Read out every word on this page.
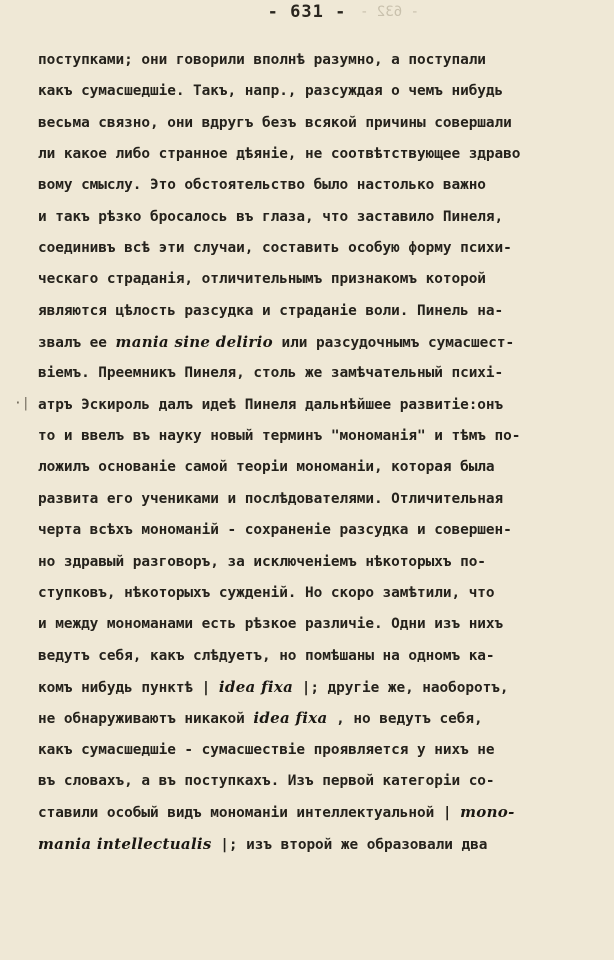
- 631 - - 632 -
·|
поступками; они говорили вполнѣ разумно, а поступали
какъ сумасшедшіе. Такъ, напр., разсуждая о чемъ нибудь
весьма связно, они вдругъ безъ всякой причины совершали
ли какое либо странное дѣяніе, не соотвѣтствующее здраво
вому смыслу. Это обстоятельство было настолько важно
и такъ рѣзко бросалось въ глаза, что заставило Пинеля,
соединивъ всѣ эти случаи, составить особую форму психи-
ческаго страданія, отличительнымъ признакомъ которой
являются цѣлость разсудка и страданіе воли. Пинель на-
звалъ ее mania sine delirio или разсудочнымъ сумасшест-
віемъ. Преемникъ Пинеля, столь же замѣчательный психі-
атръ Эскироль далъ идеѣ Пинеля дальнѣйшее развитіе:онъ
то и ввелъ въ науку новый терминъ "мономанія" и тѣмъ по-
ложилъ основаніе самой теоріи мономаніи, которая была
развита его учениками и послѣдователями. Отличительная
черта всѣхъ мономаній - сохраненіе разсудка и совершен-
но здравый разговоръ, за исключеніемъ нѣкоторыхъ по-
ступковъ, нѣкоторыхъ сужденій. Но скоро замѣтили, что
и между мономанами есть рѣзкое различіе. Одни изъ нихъ
ведутъ себя, какъ слѣдуетъ, но помѣшаны на одномъ ка-
комъ нибудь пунктѣ | idea fixa |; другіе же, наоборотъ,
не обнаруживаютъ никакой idea fixa , но ведутъ себя,
какъ сумасшедшіе - сумасшествіе проявляется у нихъ не
въ словахъ, а въ поступкахъ. Изъ первой категоріи со-
ставили особый видъ мономаніи интеллектуальной | mono-
mania intellectualis |; изъ второй же образовали два
